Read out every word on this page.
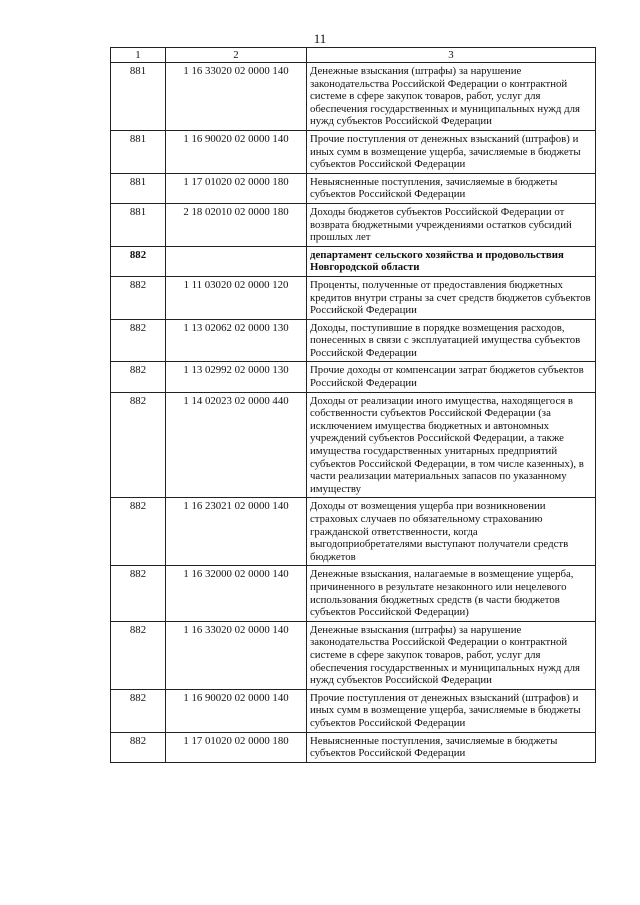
11
1	2	3
881	1 16 33020 02 0000 140	Денежные взыскания (штрафы) за нарушение законодательства Российской Федерации о контрактной системе в сфере закупок товаров, работ, услуг для обеспечения государственных и муниципальных нужд для нужд субъектов Российской Федерации
881	1 16 90020 02 0000 140	Прочие поступления от денежных взысканий (штрафов) и иных сумм в возмещение ущерба, зачисляемые в бюджеты субъектов Российской Федерации
881	1 17 01020 02 0000 180	Невыясненные поступления, зачисляемые в бюджеты субъектов Российской Федерации
881	2 18 02010 02 0000 180	Доходы бюджетов субъектов Российской Федерации от возврата бюджетными учреждениями остатков субсидий прошлых лет
882		департамент сельского хозяйства и продовольствия Новгородской области
882	1 11 03020 02 0000 120	Проценты, полученные от предоставления бюджетных кредитов внутри страны за счет средств бюджетов субъектов Российской Федерации
882	1 13 02062 02 0000 130	Доходы, поступившие в порядке возмещения расходов, понесенных в связи с эксплуатацией имущества субъектов Российской Федерации
882	1 13 02992 02 0000 130	Прочие доходы от компенсации затрат бюджетов субъектов Российской Федерации
882	1 14 02023 02 0000 440	Доходы от реализации иного имущества, находящегося в собственности субъектов Российской Федерации (за исключением имущества бюджетных и автономных учреждений субъектов Российской Федерации, а также имущества государственных унитарных предприятий субъектов Российской Федерации, в том числе казенных), в части реализации материальных запасов по указанному имуществу
882	1 16 23021 02 0000 140	Доходы от возмещения ущерба при возникновении страховых случаев по обязательному страхованию гражданской ответственности, когда выгодоприобретателями выступают получатели средств бюджетов
882	1 16 32000 02 0000 140	Денежные взыскания, налагаемые в возмещение ущерба, причиненного в результате незаконного или нецелевого использования бюджетных средств (в части бюджетов субъектов Российской Федерации)
882	1 16 33020 02 0000 140	Денежные взыскания (штрафы) за нарушение законодательства Российской Федерации о контрактной системе в сфере закупок товаров, работ, услуг для обеспечения государственных и муниципальных нужд для нужд субъектов Российской Федерации
882	1 16 90020 02 0000 140	Прочие поступления от денежных взысканий (штрафов) и иных сумм в возмещение ущерба, зачисляемые в бюджеты субъектов Российской Федерации
882	1 17 01020 02 0000 180	Невыясненные поступления, зачисляемые в бюджеты субъектов Российской Федерации
